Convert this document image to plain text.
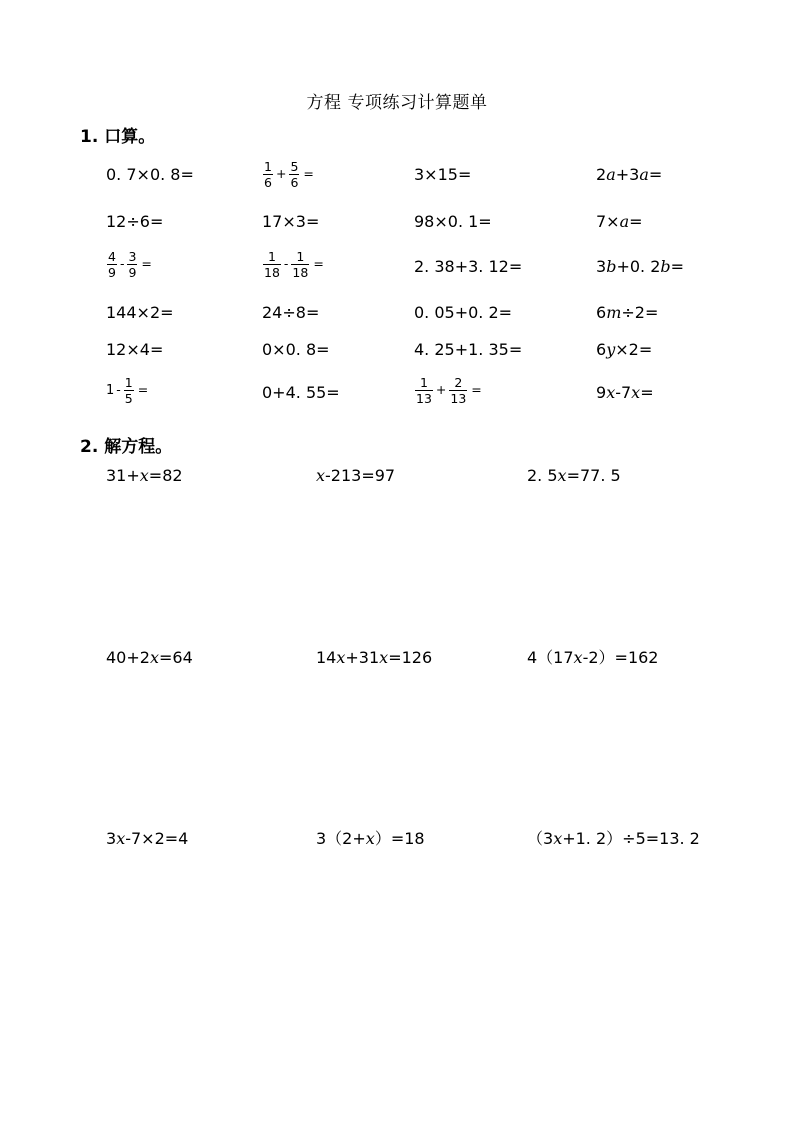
方程 专项练习计算题单
1. 口算。
0. 7×0. 8=	$\frac{1}{6} + \frac{5}{6}$ =	3×15=	2a+3a=
12÷6=	17×3=	98×0. 1=	7×a=
$\frac{4}{9} - \frac{3}{9}$ =	$\frac{1}{18} - \frac{1}{18}$ =	2. 38+3. 12=	3b+0. 2b=
144×2=	24÷8=	0. 05+0. 2=	6m÷2=
12×4=	0×0. 8=	4. 25+1. 35=	6y×2=
$1 - \frac{1}{5}$ =	0+4. 55=	$\frac{1}{13} + \frac{2}{13}$ =	9x-7x=
2. 解方程。
31+x=82	x-213=97	2. 5x=77. 5
40+2x=64	14x+31x=126	4（17x-2）=162
3x-7×2=4	3（2+x）=18	（3x+1. 2）÷5=13. 2
